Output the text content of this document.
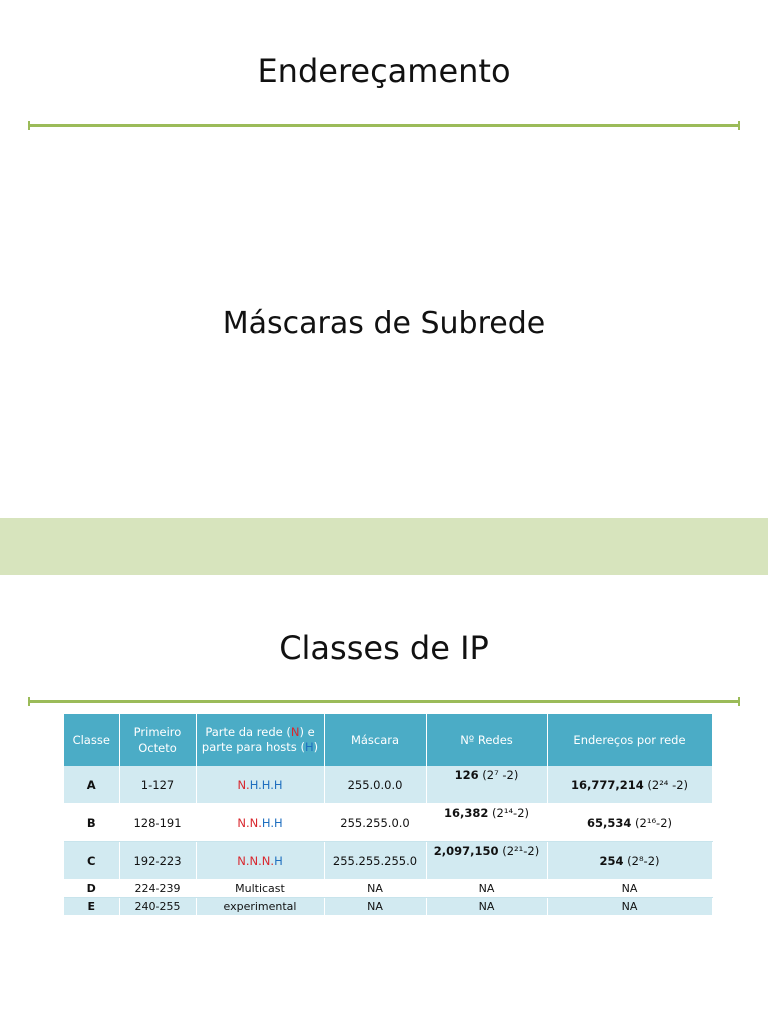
Endereçamento
Máscaras de Subrede
Classes de IP
Classe	Primeiro Octeto	Parte da rede (N) e parte para hosts (H)	Máscara	Nº Redes	Endereços por rede
A	1-127	N.H.H.H	255.0.0.0	126 (2⁷ -2)	16,777,214 (2²⁴ -2)
B	128-191	N.N.H.H	255.255.0.0	16,382 (2¹⁴-2)	65,534 (2¹⁶-2)
C	192-223	N.N.N.H	255.255.255.0	2,097,150 (2²¹-2)	254 (2⁸-2)
D	224-239	Multicast	NA	NA	NA
E	240-255	experimental	NA	NA	NA
